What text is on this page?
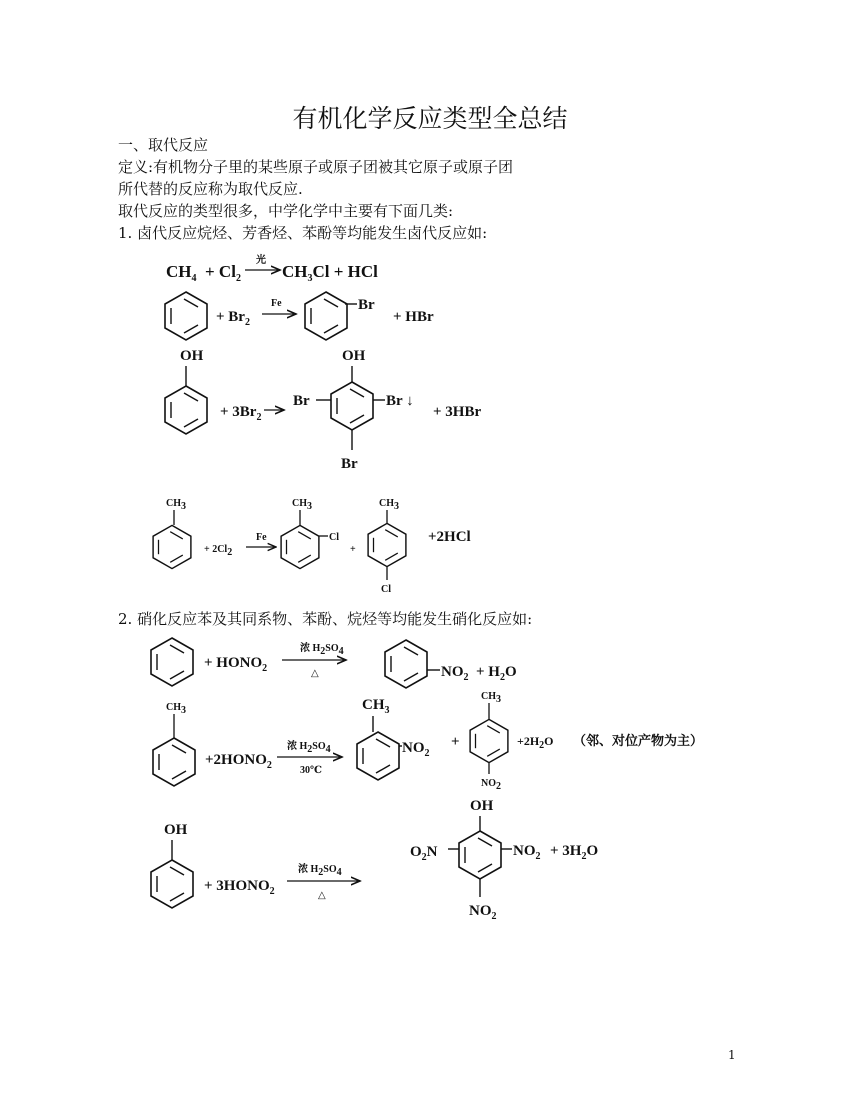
有机化学反应类型全总结
一、取代反应
定义:有机物分子里的某些原子或原子团被其它原子或原子团
所代替的反应称为取代反应.
取代反应的类型很多，中学化学中主要有下面几类:
1. 卤代反应烷烃、芳香烃、苯酚等均能发生卤代反应如:
2. 硝化反应苯及其同系物、苯酚、烷烃等均能发生硝化反应如:
$CH_4 + Cl_2$
光
$CH_3Cl$ + HCl
+ $Br_2$
Fe	Br
+ HBr
OH
+ $3Br_2$
OH
Br	Br ↓
Br
+ 3HBr
CH3
+ 2Cl2
Fe
CH3
Cl
+
CH3
Cl
+2HCl
+ $HONO_2$
浓 H2SO4
△	$NO_2 + H_2O$
CH3
$+2HONO_2$
浓 H2SO4
30℃
$CH_3$
$NO_2$
+
CH3
NO2
$+2H_2O$ （邻、对位产物为主）
OH
+ $3HONO_2$
浓 H2SO4
△
OH
$O_2N$	$NO_2 + 3H_2O$
$NO_2$
1
